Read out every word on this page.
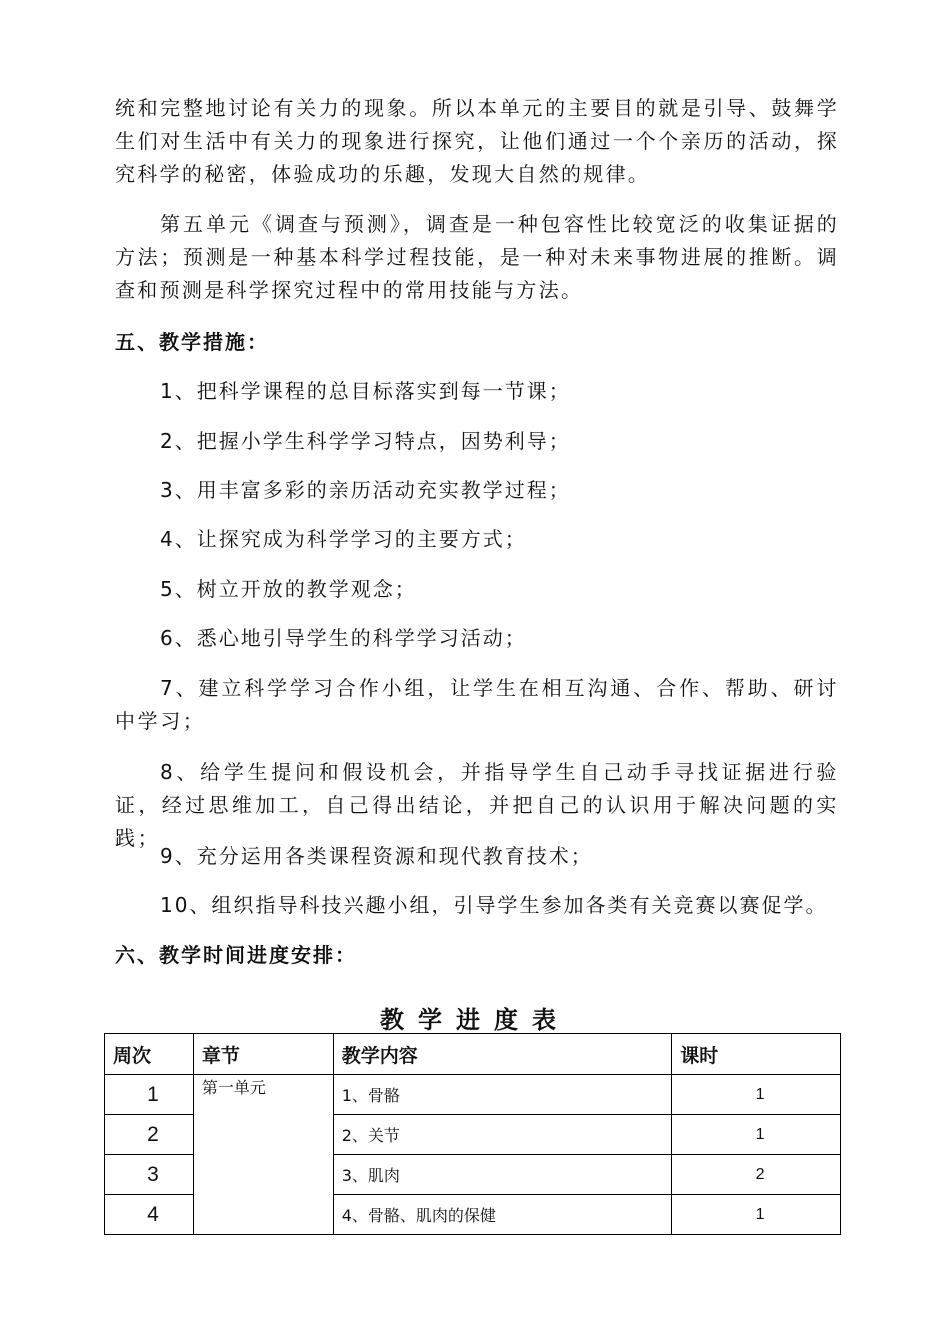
统和完整地讨论有关力的现象。所以本单元的主要目的就是引导、鼓舞学生们对生活中有关力的现象进行探究，让他们通过一个个亲历的活动，探究科学的秘密，体验成功的乐趣，发现大自然的规律。

第五单元《调查与预测》，调查是一种包容性比较宽泛的收集证据的方法；预测是一种基本科学过程技能，是一种对未来事物进展的推断。调查和预测是科学探究过程中的常用技能与方法。

五、教学措施：
1、把科学课程的总目标落实到每一节课；
2、把握小学生科学学习特点，因势利导；
3、用丰富多彩的亲历活动充实教学过程；
4、让探究成为科学学习的主要方式；
5、树立开放的教学观念；
6、悉心地引导学生的科学学习活动；

7、建立科学学习合作小组，让学生在相互沟通、合作、帮助、研讨中学习；

8、给学生提问和假设机会，并指导学生自己动手寻找证据进行验证，经过思维加工，自己得出结论，并把自己的认识用于解决问题的实践；

9、充分运用各类课程资源和现代教育技术；
10、组织指导科技兴趣小组，引导学生参加各类有关竞赛以赛促学。
六、教学时间进度安排：
教学进度表
周次	章节	教学内容	课时
1	第一单元	1、骨骼	1
2		2、关节	1
3		3、肌肉	2
4		4、骨骼、肌肉的保健	1
